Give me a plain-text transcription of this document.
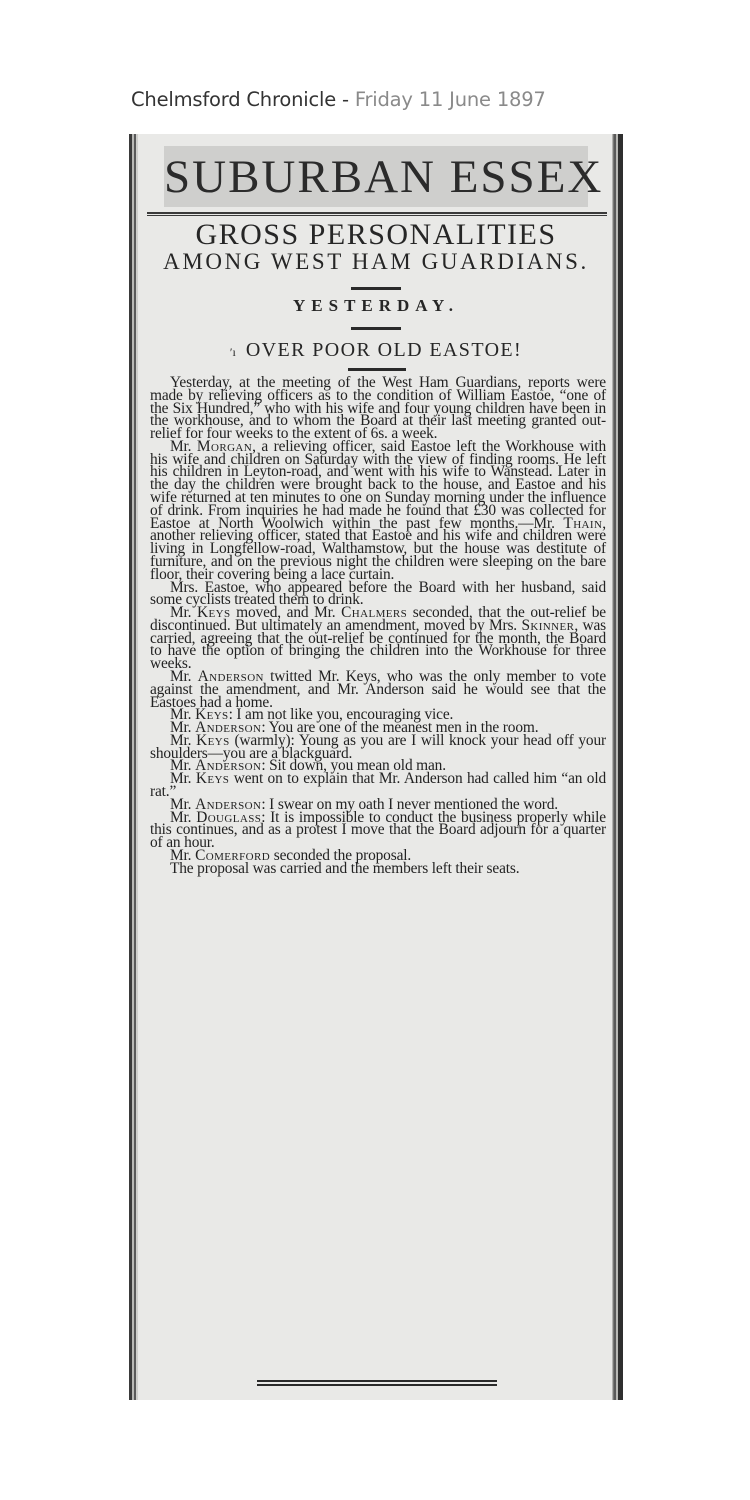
Chelmsford Chronicle - Friday 11 June 1897
SUBURBAN ESSEX
GROSS PERSONALITIES
AMONG WEST HAM GUARDIANS.
YESTERDAY.
′ı OVER POOR OLD EASTOE!

Yesterday, at the meeting of the West Ham Guardians, reports were made by relieving officers as to the condition of William Eastoe, “one of the Six Hundred,” who with his wife and four young children have been in the workhouse, and to whom the Board at their last meeting granted out-relief for four weeks to the extent of 6s. a week.

Mr. Morgan, a relieving officer, said Eastoe left the Workhouse with his wife and children on Saturday with the view of finding rooms. He left his children in Leyton-road, and went with his wife to Wanstead. Later in the day the children were brought back to the house, and Eastoe and his wife returned at ten minutes to one on Sunday morning under the influence of drink. From inquiries he had made he found that £30 was collected for Eastoe at North Woolwich within the past few months.—Mr. Thain, another relieving officer, stated that Eastoe and his wife and children were living in Longfellow-road, Walthamstow, but the house was destitute of furniture, and on the previous night the children were sleeping on the bare floor, their covering being a lace curtain.

Mrs. Eastoe, who appeared before the Board with her husband, said some cyclists treated them to drink.

Mr. Keys moved, and Mr. Chalmers seconded, that the out-relief be discontinued. But ultimately an amendment, moved by Mrs. Skinner, was carried, agreeing that the out-relief be continued for the month, the Board to have the option of bringing the children into the Workhouse for three weeks.

Mr. Anderson twitted Mr. Keys, who was the only member to vote against the amendment, and Mr. Anderson said he would see that the Eastoes had a home.

Mr. Keys: I am not like you, encouraging vice.

Mr. Anderson: You are one of the meanest men in the room.

Mr. Keys (warmly): Young as you are I will knock your head off your shoulders—you are a blackguard.

Mr. Anderson: Sit down, you mean old man.

Mr. Keys went on to explain that Mr. Anderson had called him “an old rat.”

Mr. Anderson: I swear on my oath I never mentioned the word.

Mr. Douglass: It is impossible to conduct the business properly while this continues, and as a protest I move that the Board adjourn for a quarter of an hour.

Mr. Comerford seconded the proposal.

The proposal was carried and the members left their seats.
